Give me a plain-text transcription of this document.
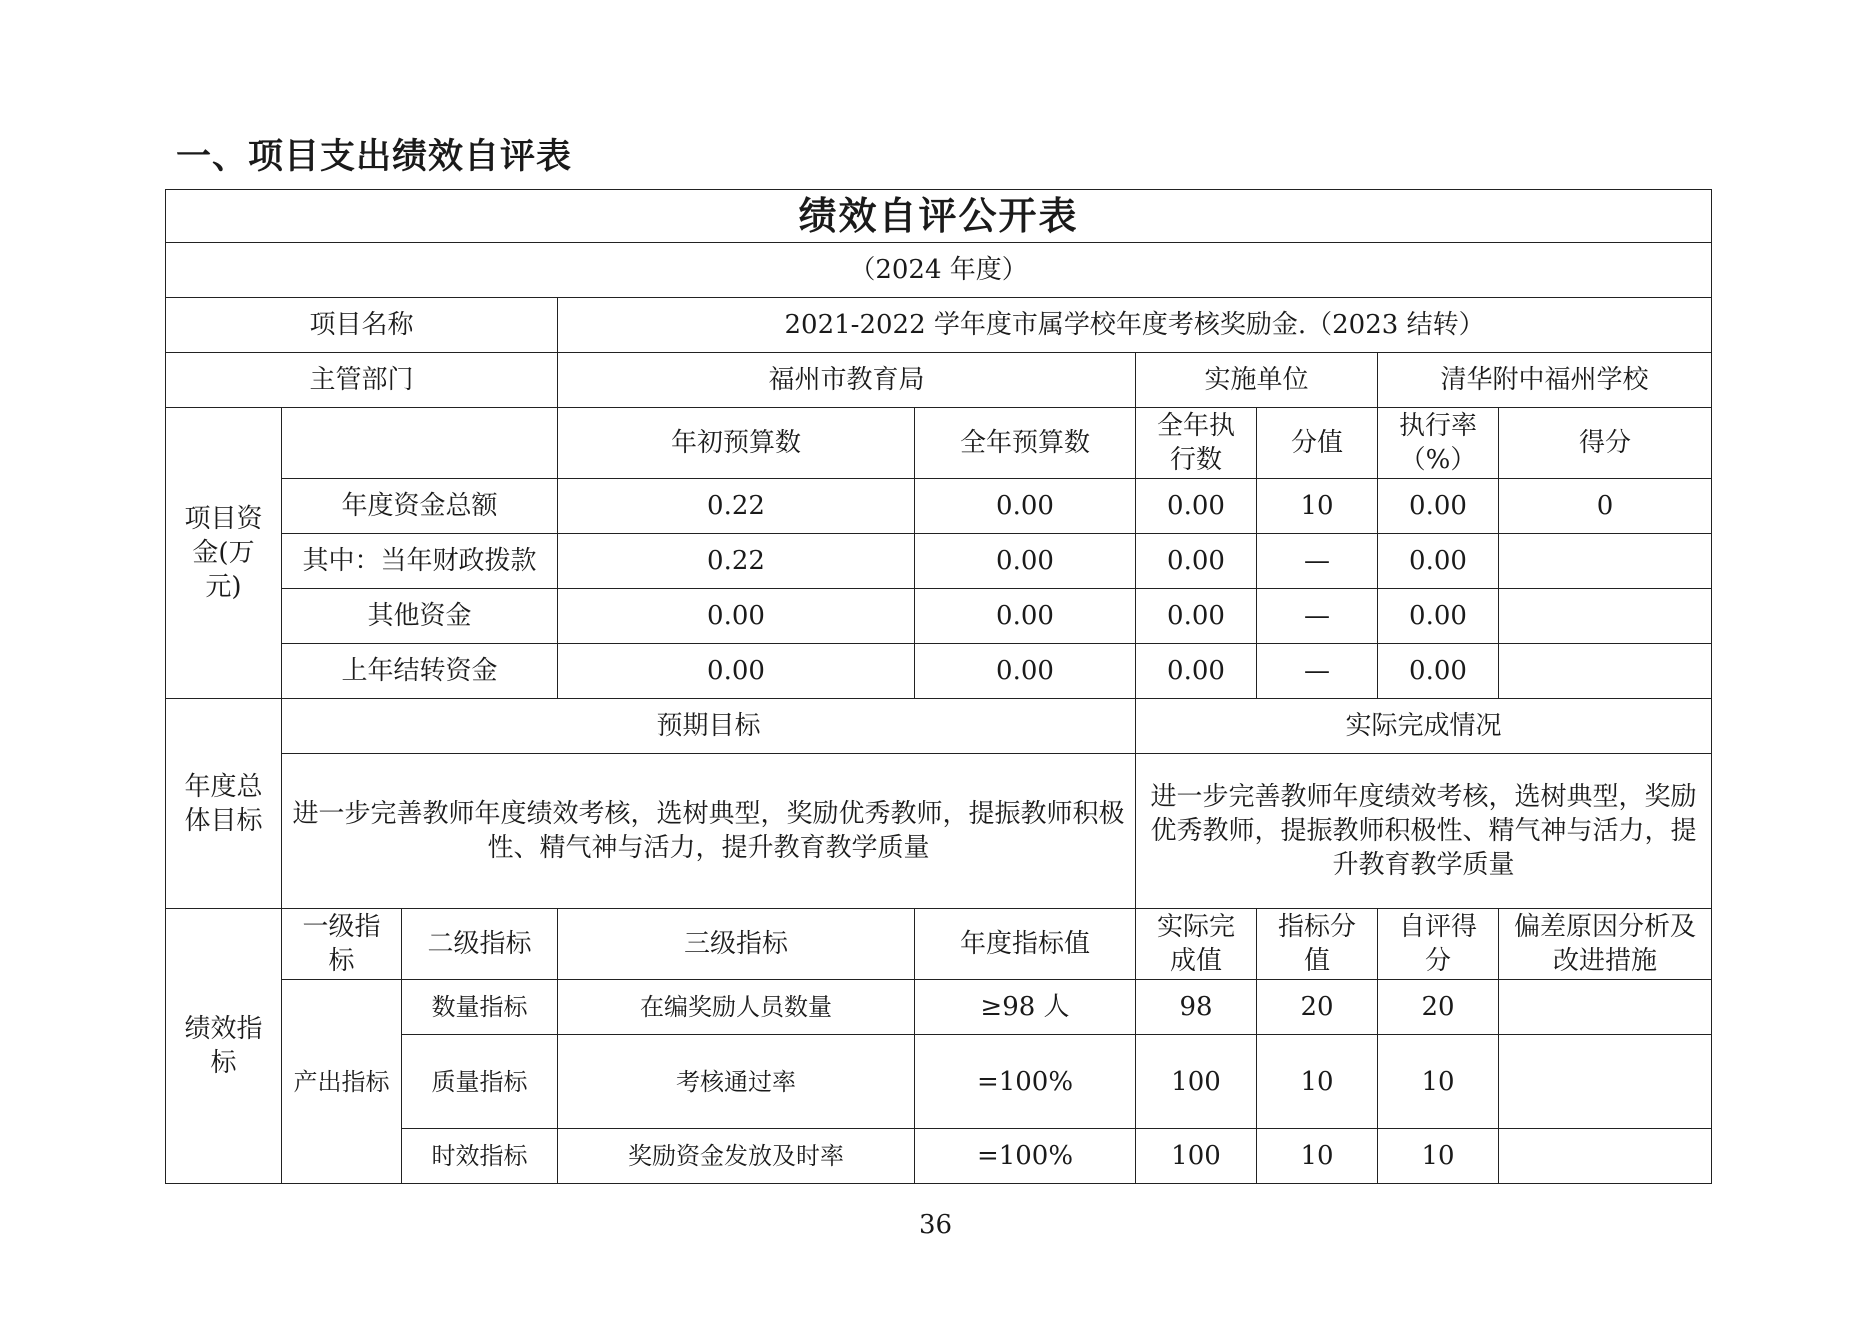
一、项目支出绩效自评表
绩效自评公开表								
（2024 年度）								
项目名称			2021-2022 学年度市属学校年度考核奖励金.（2023 结转）					
主管部门			福州市教育局		实施单位		清华附中福州学校	
项目资金(万元)			年初预算数	全年预算数	全年执行数	分值	执行率（%）	得分
	年度资金总额		0.22	0.00	0.00	10	0.00	0
	其中：当年财政拨款		0.22	0.00	0.00	—	0.00	
	其他资金		0.00	0.00	0.00	—	0.00	
	上年结转资金		0.00	0.00	0.00	—	0.00	
年度总体目标	预期目标				实际完成情况			
	进一步完善教师年度绩效考核，选树典型，奖励优秀教师，提振教师积极性、精气神与活力，提升教育教学质量				进一步完善教师年度绩效考核，选树典型，奖励优秀教师，提振教师积极性、精气神与活力，提升教育教学质量			
绩效指标	一级指标	二级指标	三级指标	年度指标值	实际完成值	指标分值	自评得分	偏差原因分析及改进措施
	产出指标	数量指标	在编奖励人员数量	≥98 人	98	20	20	
		质量指标	考核通过率	=100%	100	10	10	
		时效指标	奖励资金发放及时率	=100%	100	10	10	
36
